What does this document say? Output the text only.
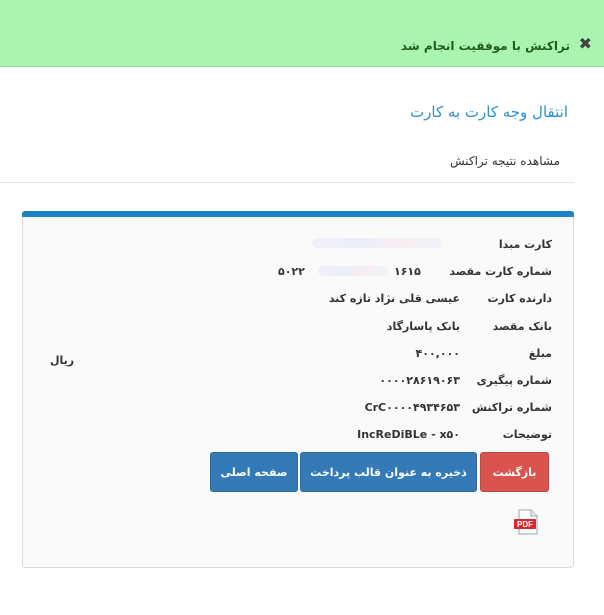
✖
تراکنش با موفقیت انجام شد
انتقال وجه کارت به کارت
مشاهده نتیجه تراکنش
کارت مبدا
شماره کارت مقصد
۵۰۲۲	۱۶۱۵
دارنده کارت
عیسی قلی نژاد تازه کند
بانک مقصد
بانک پاسارگاد
مبلغ
۴۰۰,۰۰۰
ریال
شماره پیگیری
۰۰۰۰۲۸۶۱۹۰۶۳
شماره تراکنش
CrC۰۰۰۰۴۹۳۴۶۵۳
توضیحات
IncReDiBLe - x۵۰
بازگشت
ذخیره به عنوان قالب پرداخت
صفحه اصلی
PDF
